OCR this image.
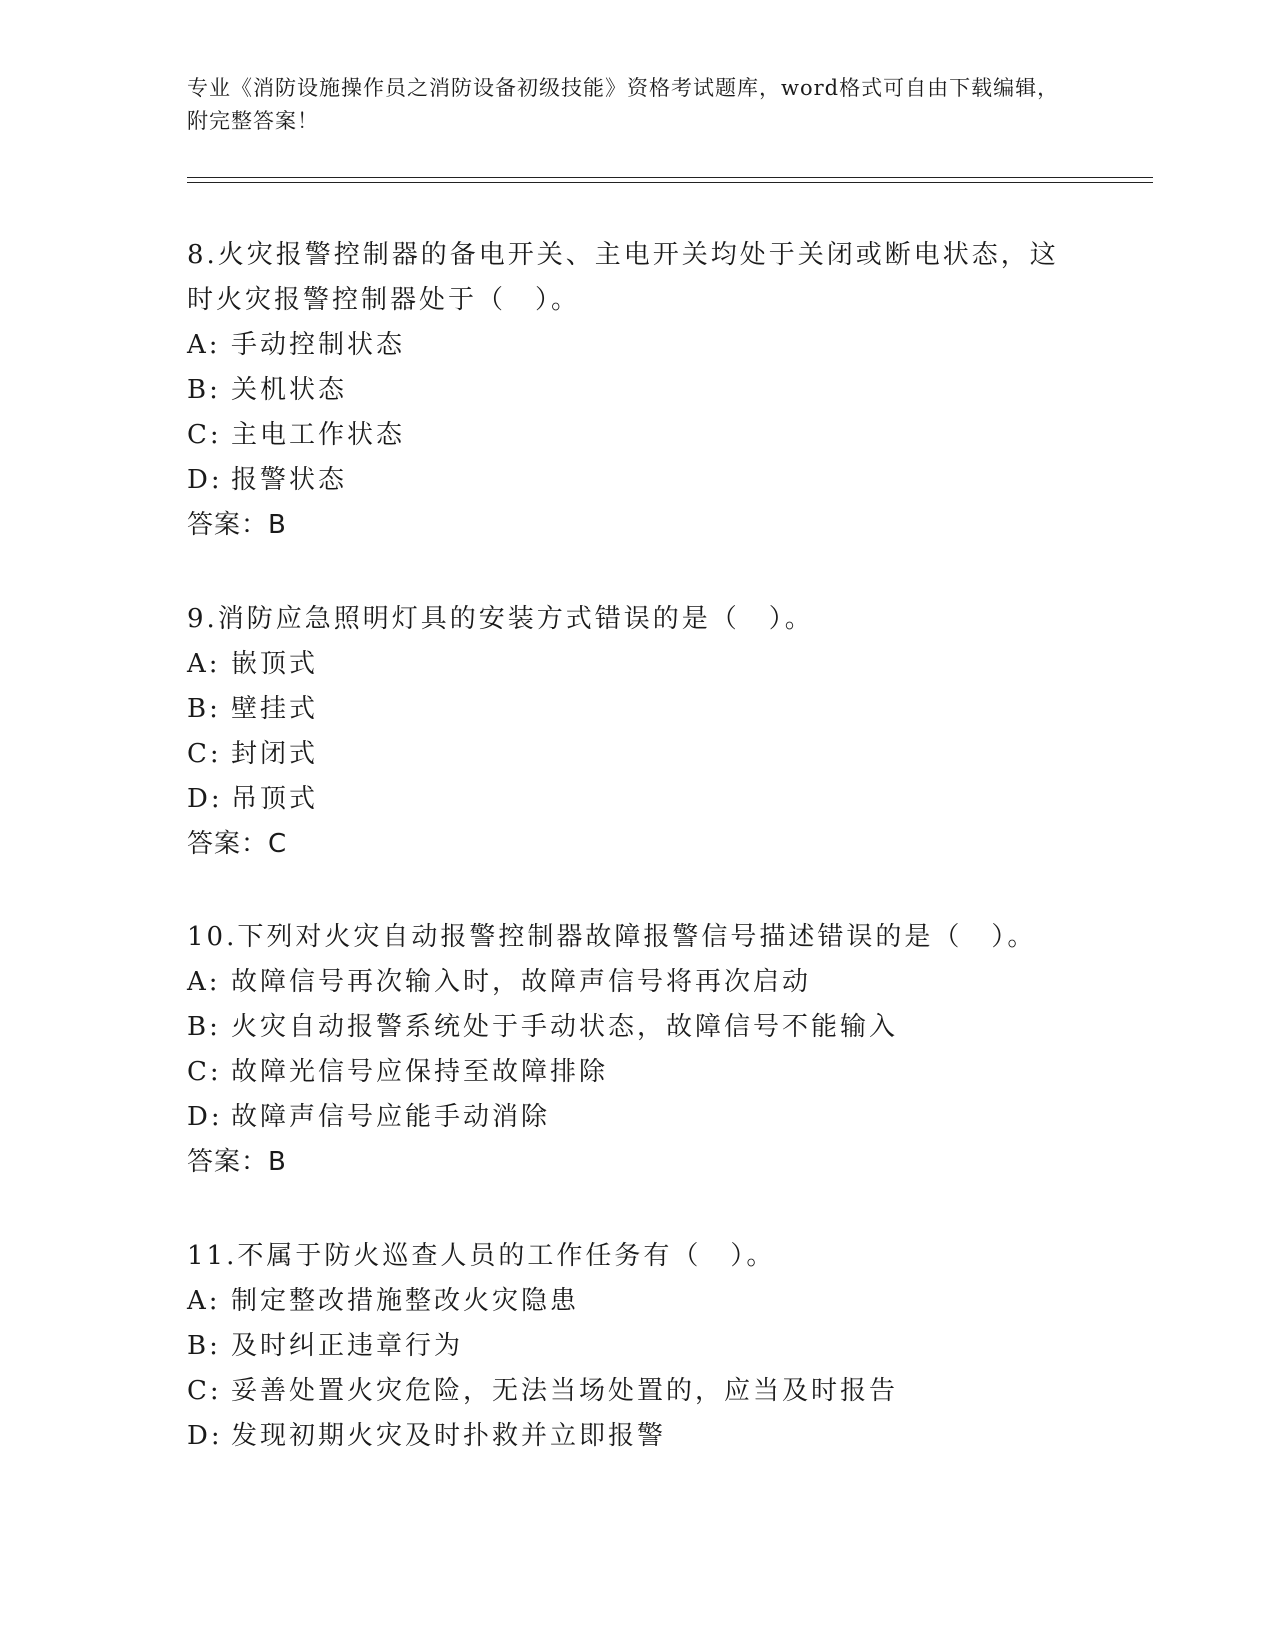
专业《消防设施操作员之消防设备初级技能》资格考试题库，word格式可自由下载编辑，附完整答案！

8.火灾报警控制器的备电开关、主电开关均处于关闭或断电状态，这时火灾报警控制器处于（　）。

A: 手动控制状态
B: 关机状态
C: 主电工作状态
D: 报警状态
答案：B

9.消防应急照明灯具的安装方式错误的是（　）。

A: 嵌顶式
B: 壁挂式
C: 封闭式
D: 吊顶式
答案：C

10.下列对火灾自动报警控制器故障报警信号描述错误的是（　）。

A: 故障信号再次输入时，故障声信号将再次启动
B: 火灾自动报警系统处于手动状态，故障信号不能输入
C: 故障光信号应保持至故障排除
D: 故障声信号应能手动消除
答案：B

11.不属于防火巡查人员的工作任务有（　）。

A: 制定整改措施整改火灾隐患
B: 及时纠正违章行为
C: 妥善处置火灾危险，无法当场处置的，应当及时报告
D: 发现初期火灾及时扑救并立即报警
